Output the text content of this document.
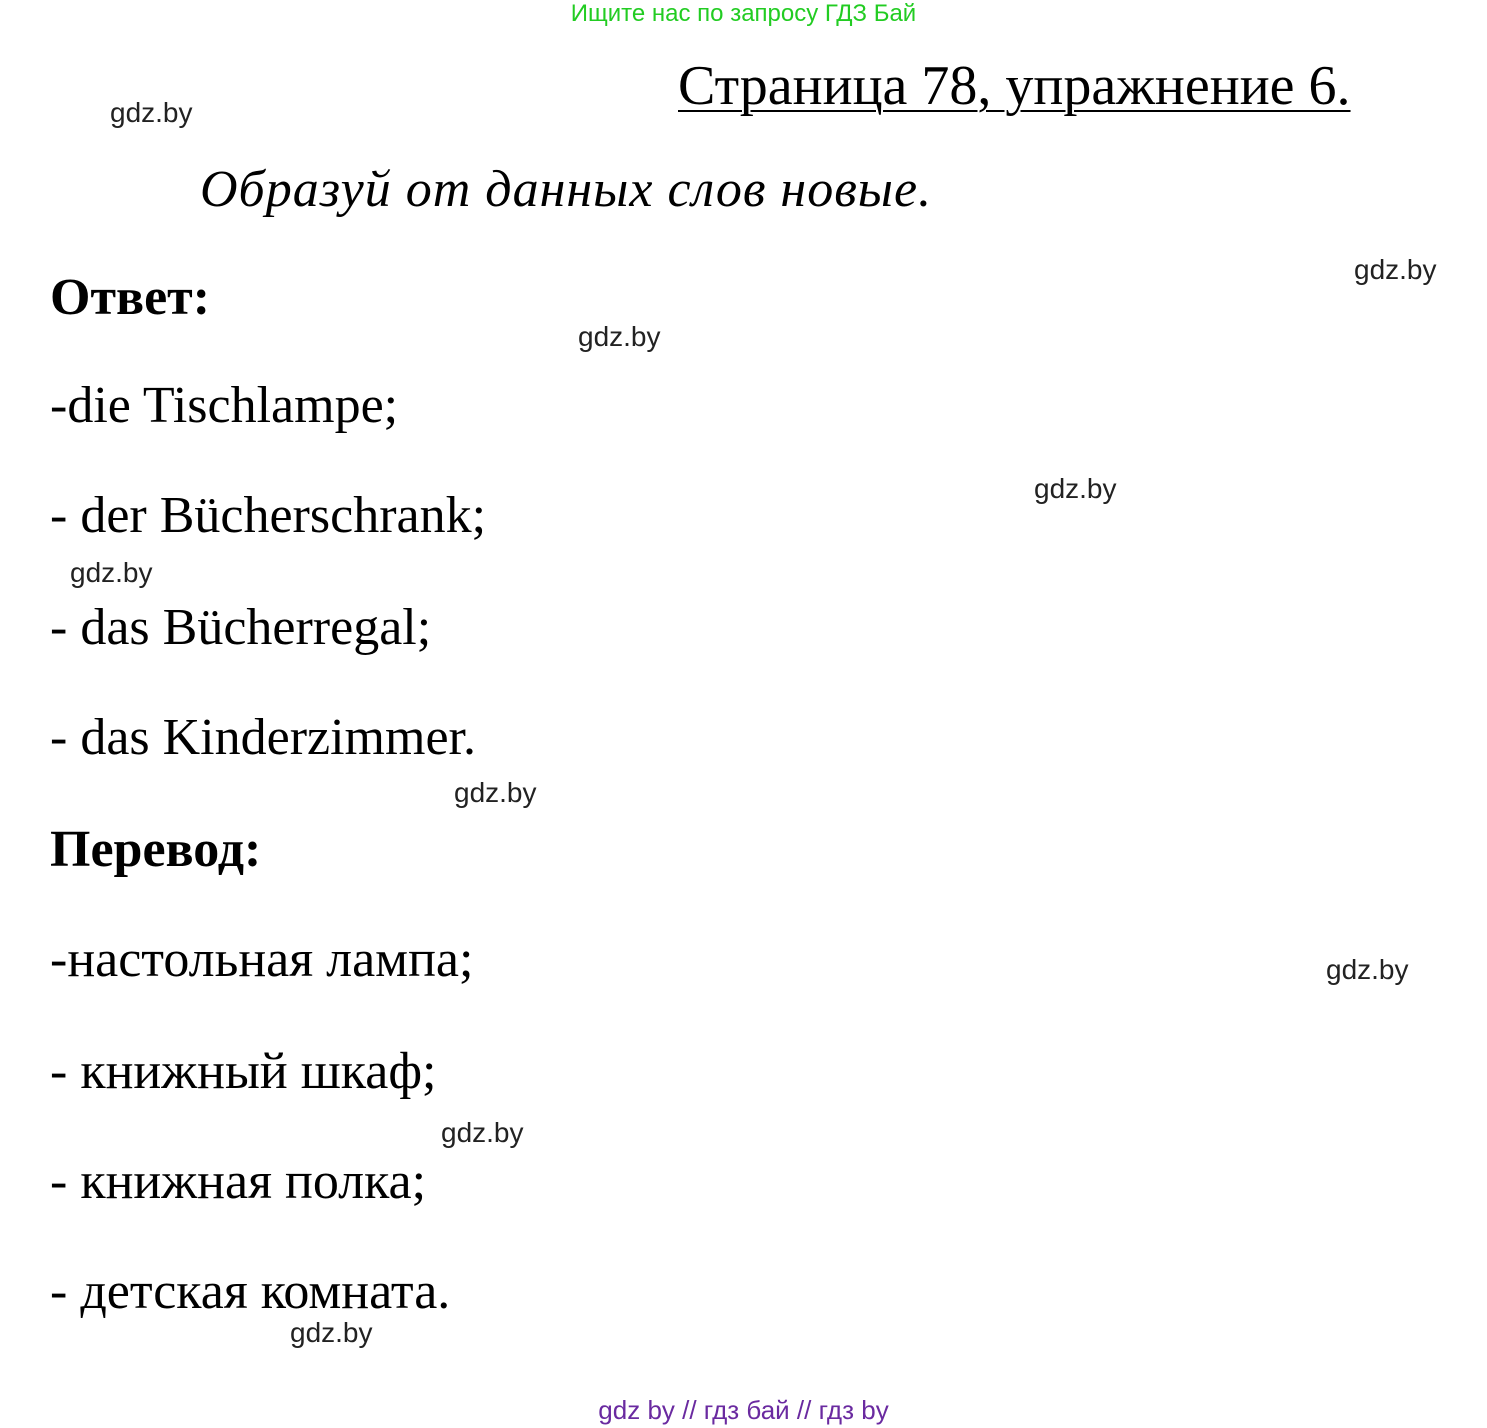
Ищите нас по запросу ГДЗ Бай
Страница 78, упражнение 6.
Образуй от данных слов новые.
Ответ:
-die Tischlampe;
- der Bücherschrank;
- das Bücherregal;
- das Kinderzimmer.
Перевод:
-настольная лампа;
- книжный шкаф;
- книжная полка;
- детская комната.
gdz.by
gdz.by
gdz.by
gdz.by
gdz.by
gdz.by
gdz.by
gdz.by
gdz.by
gdz by // гдз бай // гдз by
